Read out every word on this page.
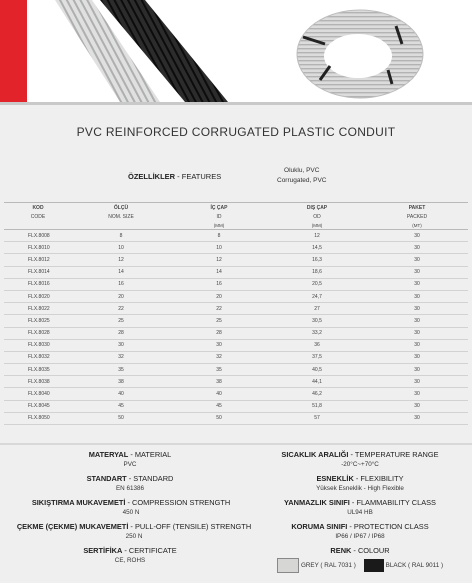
PVC REINFORCED CORRUGATED PLASTIC CONDUIT
ÖZELLİKLER - FEATURES
Oluklu, PVC
Corrugated, PVC
KOD	ÖLÇÜ	İÇ ÇAP	DIŞ ÇAP	PAKET
CODE	NOM. SIZE	ID	OD	PACKED
		(MM)	(MM)	(MT)
FLX.8008	8	8	12	30
FLX.8010	10	10	14,5	30
FLX.8012	12	12	16,3	30
FLX.8014	14	14	18,6	30
FLX.8016	16	16	20,5	30
FLX.8020	20	20	24,7	30
FLX.8022	22	22	27	30
FLX.8025	25	25	30,5	30
FLX.8028	28	28	33,2	30
FLX.8030	30	30	36	30
FLX.8032	32	32	37,5	30
FLX.8035	35	35	40,5	30
FLX.8038	38	38	44,1	30
FLX.8040	40	40	46,2	30
FLX.8045	45	45	51,8	30
FLX.8050	50	50	57	30
MATERYAL - MATERIAL
PVC
SICAKLIK ARALIĞI - TEMPERATURE RANGE
-20°C~+70°C
STANDART - STANDARD
EN 61386
ESNEKLİK - FLEXIBILITY
Yüksek Esneklik - High Flexible
SIKIŞTIRMA MUKAVEMETİ - COMPRESSION STRENGTH
450 N
YANMAZLIK SINIFI - FLAMMABILITY CLASS
UL94 HB
ÇEKME (ÇEKME) MUKAVEMETİ - PULL-OFF (TENSILE) STRENGTH
250 N
KORUMA SINIFI - PROTECTION CLASS
IP66 / IP67 / IP68
SERTİFİKA - CERTIFICATE
CE, ROHS
RENK - COLOUR
GREY ( RAL 7031 )	BLACK ( RAL 9011 )
